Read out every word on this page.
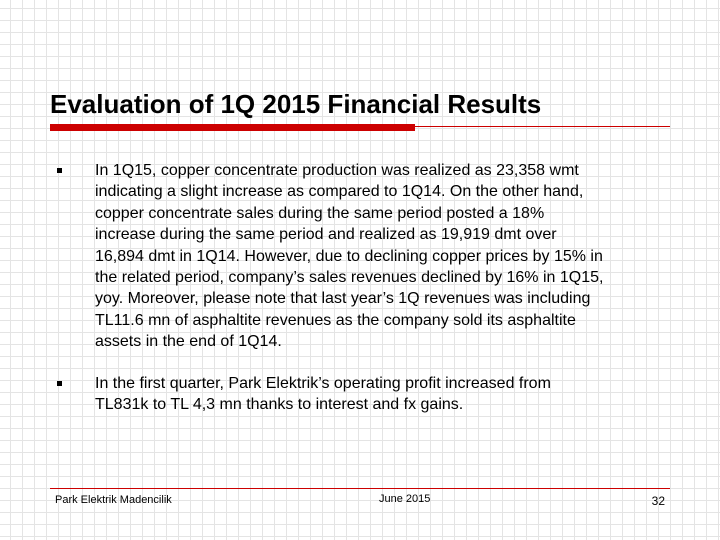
Evaluation of 1Q 2015 Financial Results
In 1Q15, copper concentrate production was realized as 23,358 wmt
indicating a slight increase as compared to 1Q14. On the other hand,
copper concentrate sales during the same period posted a 18%
increase during the same period and realized as 19,919 dmt over
16,894 dmt in 1Q14. However, due to declining copper prices by 15% in
the related period, company’s sales revenues declined by 16% in 1Q15,
yoy. Moreover, please note that last year’s 1Q revenues was including
TL11.6 mn of asphaltite revenues as the company sold its asphaltite
assets in the end of 1Q14.
In the first quarter, Park Elektrik’s operating profit increased from
TL831k to TL 4,3 mn thanks to interest and fx gains.
Park Elektrik Madencilik	June 2015	32
